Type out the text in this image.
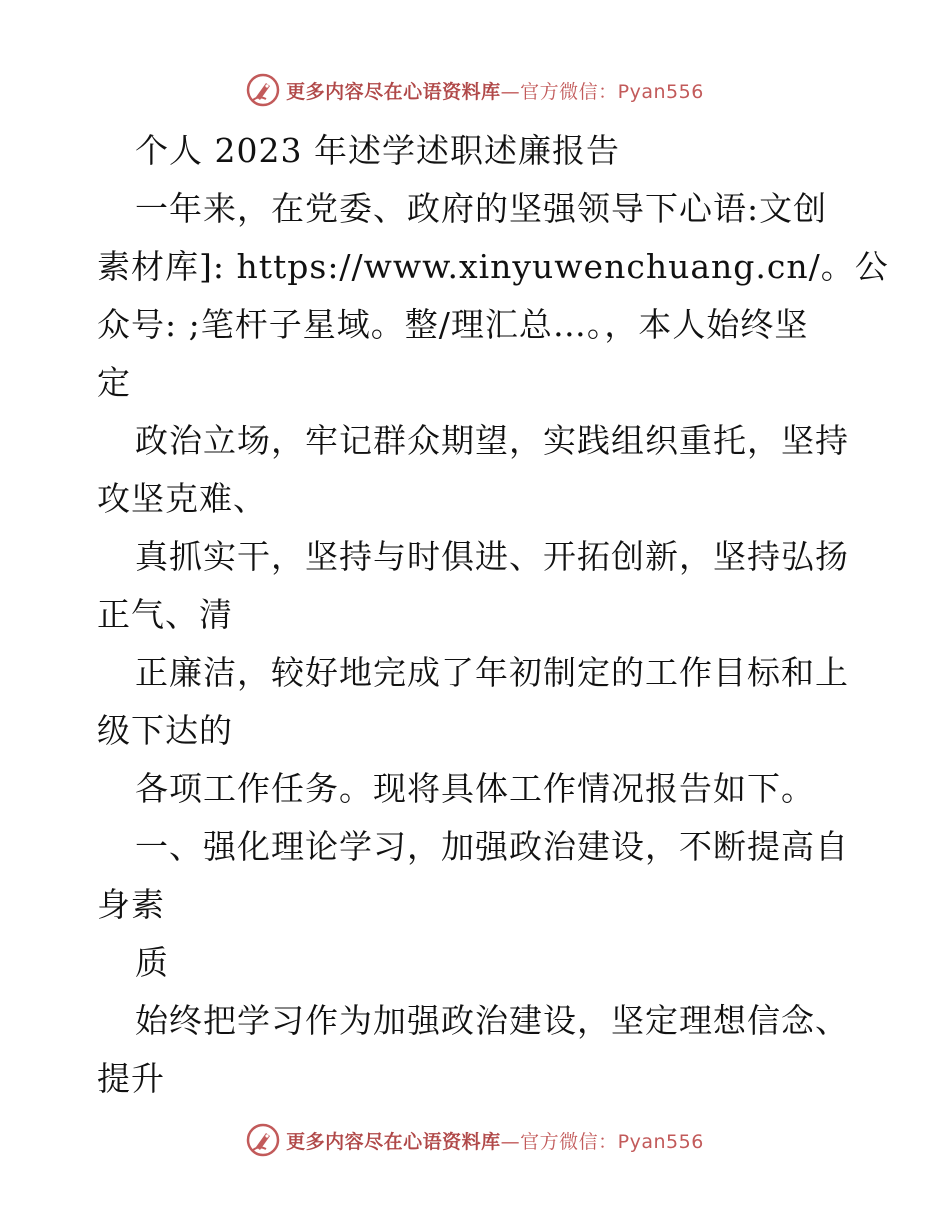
更多内容尽在心语资料库—官方微信：Pyan556
个人 2023 年述学述职述廉报告
一年来，在党委、政府的坚强领导下心语:文创
素材库]: https://www.xinyuwenchuang.cn/。公
众号: ;笔杆子星域。整/理汇总…。，本人始终坚
定
政治立场，牢记群众期望，实践组织重托，坚持
攻坚克难、
真抓实干，坚持与时俱进、开拓创新，坚持弘扬
正气、清
正廉洁，较好地完成了年初制定的工作目标和上
级下达的
各项工作任务。现将具体工作情况报告如下。
一、强化理论学习，加强政治建设，不断提高自
身素
质
始终把学习作为加强政治建设，坚定理想信念、
提升
更多内容尽在心语资料库—官方微信：Pyan556
